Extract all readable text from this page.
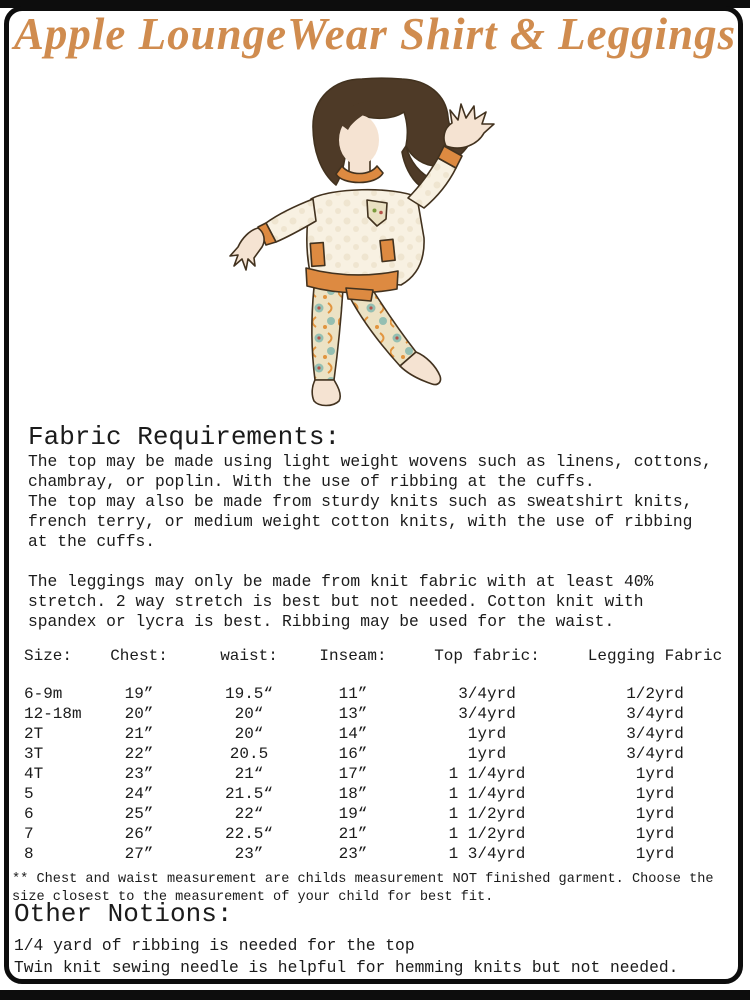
Apple LoungeWear Shirt & Leggings
Fabric Requirements:
The top may be made using light weight wovens such as linens, cottons,
chambray, or poplin. With the use of ribbing at the cuffs.
The top may also be made from sturdy knits such as sweatshirt knits,
french terry, or medium weight cotton knits, with the use of ribbing
at the cuffs.
The leggings may only be made from knit fabric with at least 40%
stretch. 2 way stretch is best but not needed. Cotton knit with
spandex or lycra is best. Ribbing may be used for the waist.
Size:	Chest:	waist:	Inseam:	Top fabric:	Legging Fabric
6-9m	19”	19.5“	11”	3/4yrd	1/2yrd
12-18m	20”	20“	13”	3/4yrd	3/4yrd
2T	21”	20“	14”	1yrd	3/4yrd
3T	22”	20.5	16”	1yrd	3/4yrd
4T	23”	21“	17”	1 1/4yrd	1yrd
5	24”	21.5“	18”	1 1/4yrd	1yrd
6	25”	22“	19“	1 1/2yrd	1yrd
7	26”	22.5“	21”	1 1/2yrd	1yrd
8	27”	23”	23”	1 3/4yrd	1yrd
** Chest and waist measurement are childs measurement NOT finished garment. Choose the size closest to the measurement of your child for best fit.
Other Notions:
1/4 yard of ribbing is needed for the top
Twin knit sewing needle is helpful for hemming knits but not needed.
